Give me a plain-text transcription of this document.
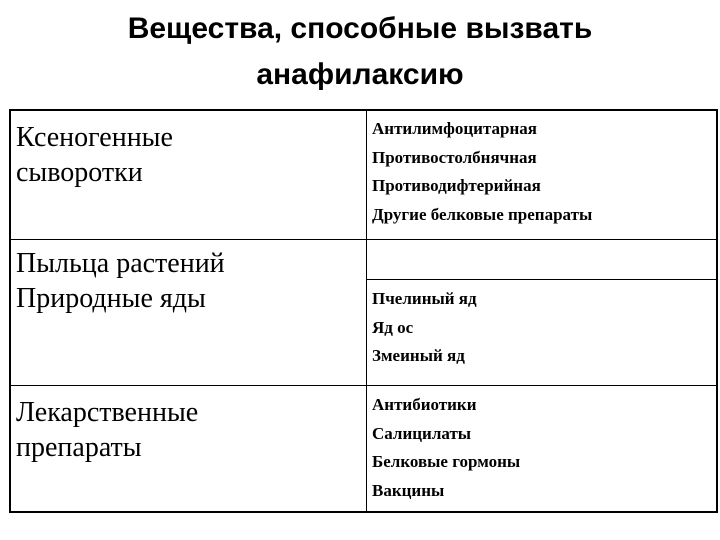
Вещества, способные вызвать
анафилаксию
Ксеногенные
сыворотки
Антилимфоцитарная
Противостолбнячная
Противодифтерийная
Другие белковые препараты
Пыльца растений
Природные яды	Пчелиный яд
Яд ос
Змеиный яд
Лекарственные
препараты
Антибиотики
Салицилаты
Белковые гормоны
Вакцины
